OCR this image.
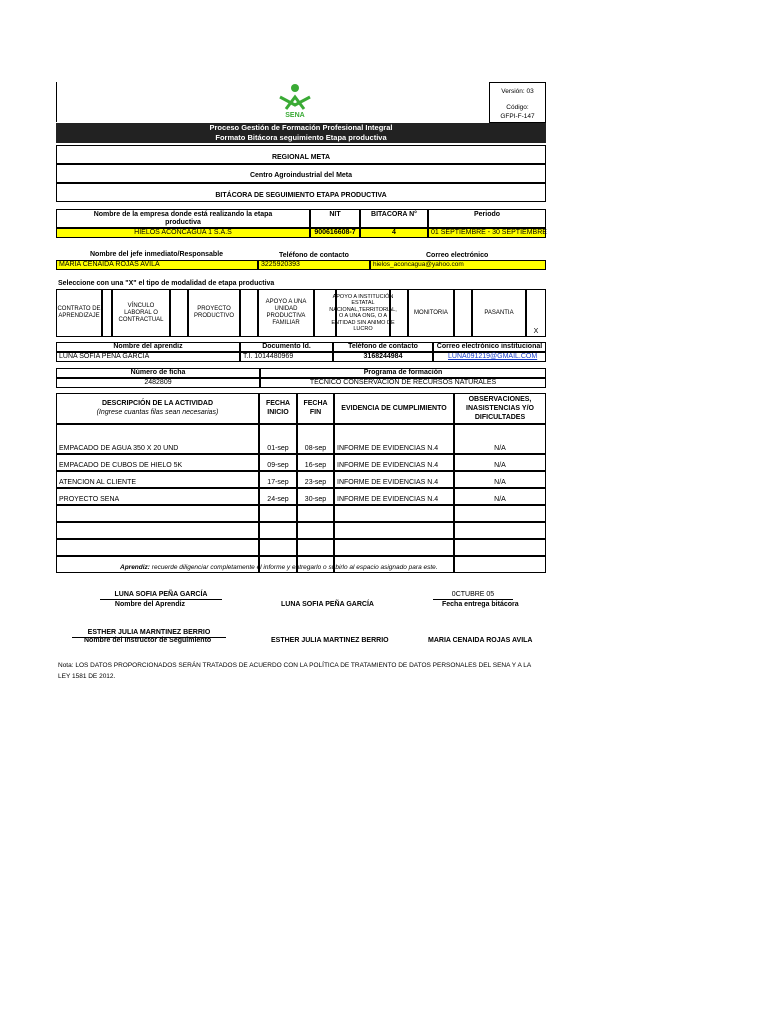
SENA
Versión: 03
Código:
GFPI-F-147
Proceso Gestión de Formación Profesional Integral
Formato Bitácora seguimiento Etapa productiva
REGIONAL META
Centro Agroindustrial del Meta
BITÁCORA DE SEGUIMIENTO ETAPA PRODUCTIVA
Nombre de la empresa donde está realizando la etapa
productiva
NIT	BITACORA N°	Periodo
HIELOS ACONCAGUA 1 S.A.S	900616608-7	4	01 SEPTIEMBRE - 30 SEPTIEMBRE
Nombre del jefe inmediato/Responsable	Teléfono de contacto	Correo electrónico
MARIA CENAIDA ROJAS AVILA	3225920393	hielos_aconcagua@yahoo.com
Seleccione con una "X" el tipo de modalidad de etapa productiva
CONTRATO DE APRENDIZAJE
VÍNCULO LABORAL O CONTRACTUAL
PROYECTO PRODUCTIVO
APOYO A UNA UNIDAD PRODUCTIVA FAMILIAR
APOYO A INSTITUCIÓN ESTATAL NACIONAL,TERRITORIAL, O A UNA ONG, O A ENTIDAD SIN ANIMO DE LUCRO
MONITORIA	PASANTIA
X
Nombre del aprendiz	Documento Id.	Teléfono de contacto	Correo electrónico institucional
LUNA SOFIA PEÑA GARCÍA	T.I. 1014480969	3168244984	LUNA091219@GMAIL.COM
Número de ficha	Programa de formación
2482809	TÉCNICO CONSERVACIÓN DE RECURSOS NATURALES
DESCRIPCIÓN DE LA ACTIVIDAD
(Ingrese cuantas filas sean necesarias)
FECHA
INICIO
FECHA
FIN
EVIDENCIA DE CUMPLIMIENTO
OBSERVACIONES,
INASISTENCIAS Y/O
DIFICULTADES
EMPACADO DE AGUA 350 X 20 UND	01-sep	08-sep	INFORME DE EVIDENCIAS N.4	N/A
EMPACADO DE CUBOS DE HIELO 5K	09-sep	16-sep	INFORME DE EVIDENCIAS N.4	N/A
ATENCION AL CLIENTE	17-sep	23-sep	INFORME DE EVIDENCIAS N.4	N/A
PROYECTO SENA	24-sep	30-sep	INFORME DE EVIDENCIAS N.4	N/A
Aprendiz: recuerde diligenciar completamente el informe y entregarlo o subirlo al espacio asignado para este.
LUNA SOFIA PEÑA GARCÍA
Nombre del Aprendiz	LUNA SOFIA PEÑA GARCÍA
0CTUBRE 05
Fecha entrega bitácora
ESTHER JULIA MARNTINEZ BERRIO
Nombre del Instructor de Seguimiento	ESTHER JULIA MARTINEZ BERRIO	MARIA CENAIDA ROJAS AVILA
Nota: LOS DATOS PROPORCIONADOS SERÁN TRATADOS DE ACUERDO CON LA POLÍTICA DE TRATAMIENTO DE DATOS PERSONALES DEL SENA Y A LA
LEY 1581 DE 2012.
